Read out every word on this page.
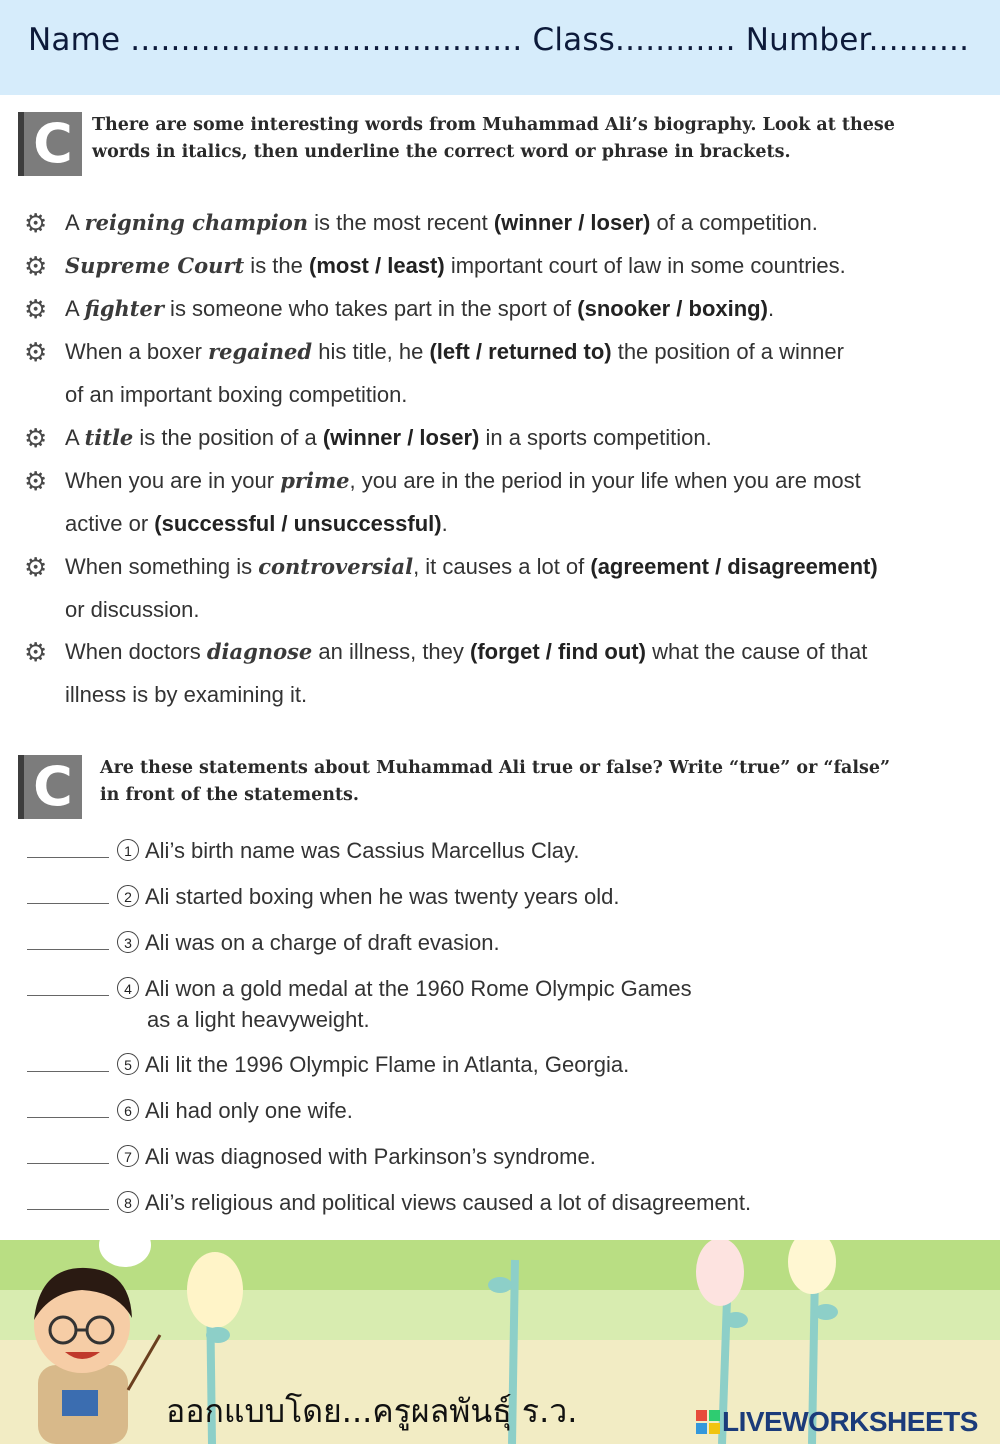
Name ....................................... Class............ Number..........
C	There are some interesting words from Muhammad Ali’s biography. Look at these
words in italics, then underline the correct word or phrase in brackets.
⚙ A reigning champion is the most recent (winner / loser) of a competition.
⚙ Supreme Court is the (most / least) important court of law in some countries.
⚙ A fighter is someone who takes part in the sport of (snooker / boxing).
⚙ When a boxer regained his title, he (left / returned to) the position of a winner
of an important boxing competition.
⚙ A title is the position of a (winner / loser) in a sports competition.
⚙ When you are in your prime, you are in the period in your life when you are most
active or (successful / unsuccessful).
⚙ When something is controversial, it causes a lot of (agreement / disagreement)
or discussion.
⚙ When doctors diagnose an illness, they (forget / find out) what the cause of that
illness is by examining it.
C	Are these statements about Muhammad Ali true or false? Write “true” or “false”
in front of the statements.
1 Ali’s birth name was Cassius Marcellus Clay.
2 Ali started boxing when he was twenty years old.
3 Ali was on a charge of draft evasion.
4 Ali won a gold medal at the 1960 Rome Olympic Games
as a light heavyweight.
5 Ali lit the 1996 Olympic Flame in Atlanta, Georgia.
6 Ali had only one wife.
7 Ali was diagnosed with Parkinson’s syndrome.
8 Ali’s religious and political views caused a lot of disagreement.
ออกแบบโดย...ครูผลพันธุ์ ร.ว.	LIVEWORKSHEETS
